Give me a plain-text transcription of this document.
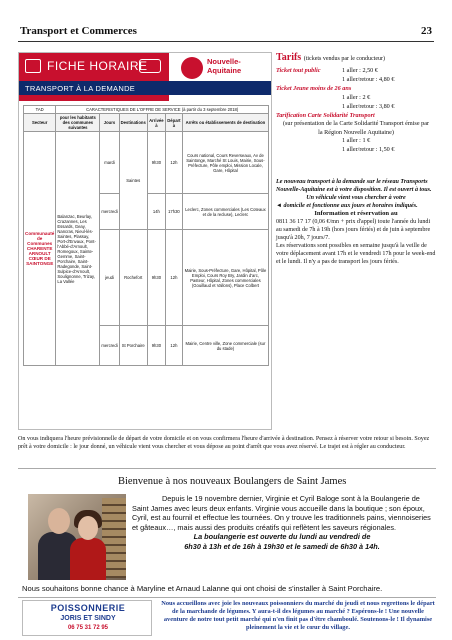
Transport et Commerces	23
FICHE HORAIRE
TRANSPORT À LA DEMANDE
Nouvelle-Aquitaine
TAD	CARACTERISTIQUES DE L'OFFRE DE SERVICE (à partir du 3 septembre 2018)					
Secteur	pour les habitants des communes suivantes	Jours	Destinations	Arrivée à	Départ à	Arrêts ou établissements de destination
Communauté de Communes CHARENTE ARNOULT CŒUR DE SAINTONGE	Balanzac, Beurlay, Crazannes, Les Essards, Geay, Nancras, Nieul-lès-Saintes, Plassay, Port-d'Envaux, Pont-l'Abbé-d'Arnoult, Romegoux, Sainte-Gemme, Saint-Porchaire, Saint-Radegonde, Saint-Sulpice-d'Arnoult, Soulignonne, Trizay, La Vallée	mardi	Saintes	9h30	12h	Cours national, Cours Reverseaux, Av de Saintonge, Marché St Louis, Mairie, Sous-Préfecture, Pôle emploi, Mission Locale, Gare, Hôpital
		mercredi		14h	17h30	Leclerc, Zones commerciales (Les Coteaux et de la recluse), Leclerc
		jeudi	Rochefort	9h30	12h	Mairie, Sous-Préfecture, Gare, Hôpital, Pôle Emploi, Cours Roy Bry, Jardin d'arc, Pasteur, Hôpital, Zones commerciales (Gouillaud et Vallons), Place Colbert
		mercredi	St Porchaire	9h30	12h	Mairie, Centre ville, Zone commerciale (sur du stade)
Tarifs (tickets vendus par le conducteur)
Ticket tout public	1 aller : 2,50 €
1 aller/retour : 4,80 €
Ticket Jeune moins de 26 ans
1 aller : 2 €
1 aller/retour : 3,80 €
Tarification Carte Solidarité Transport
(sur présentation de la Carte Solidarité Transport émise par la Région Nouvelle Aquitaine)
1 aller : 1 €
1 aller/retour : 1,50 €
Le nouveau transport à la demande sur le réseau Transports Nouvelle-Aquitaine est à votre disposition. Il est ouvert à tous.
Un véhicule vient vous chercher à votre
◄ domicile et fonctionne aux jours et horaires indiqués.
Information et réservation au
0811 36 17 17 (0,06 €/mn + prix d'appel) toute l'année du lundi au samedi de 7h à 19h (hors jours fériés) et de juin à septembre jusqu'à 20h, 7 jours/7.
Les réservations sont possibles en semaine jusqu'à la veille de votre déplacement avant 17h et le vendredi 17h pour le week-end et le lundi. Il n'y a pas de transport les jours fériés.
On vous indiquera l'heure prévisionnelle de départ de votre domicile et on vous confirmera l'heure d'arrivée à destination. Pensez à réserver votre retour si besoin. Soyez prêt à votre domicile : le jour donné, un véhicule vient vous chercher et vous dépose au point d'arrêt que vous avez réservé. Le trajet est à régler au conducteur.
Bienvenue à nos nouveaux Boulangers de Saint James

Depuis le 19 novembre dernier, Virginie et Cyril Baloge sont à la Boulangerie de Saint James avec leurs deux enfants. Virginie vous accueille dans la boutique ; son époux, Cyril, est au fournil et effectue les tournées. On y trouve les traditionnels pains, viennoiseries et gâteaux…, mais aussi des produits créatifs qui reflètent les saveurs régionales.

La boulangerie est ouverte du lundi au vendredi de

6h30 à 13h et de 16h à 19h30 et le samedi de 6h30 à 14h.

Nous souhaitons bonne chance à Maryline et Arnaud Lalanne qui ont choisi de s'installer à Saint Porchaire.
POISSONNERIE
JORIS ET SINDY
06 75 31 72 95
Nous accueillons avec joie les nouveaux poissonniers du marché du jeudi et nous regrettons le départ de la marchande de légumes. Y aura-t-il des légumes au marché ? Espérons-le ! Une nouvelle aventure de notre tout petit marché qui n'en finit pas d'être chamboulé. Soutenons-le ! Il dynamise pleinement la vie et le cœur du village.
